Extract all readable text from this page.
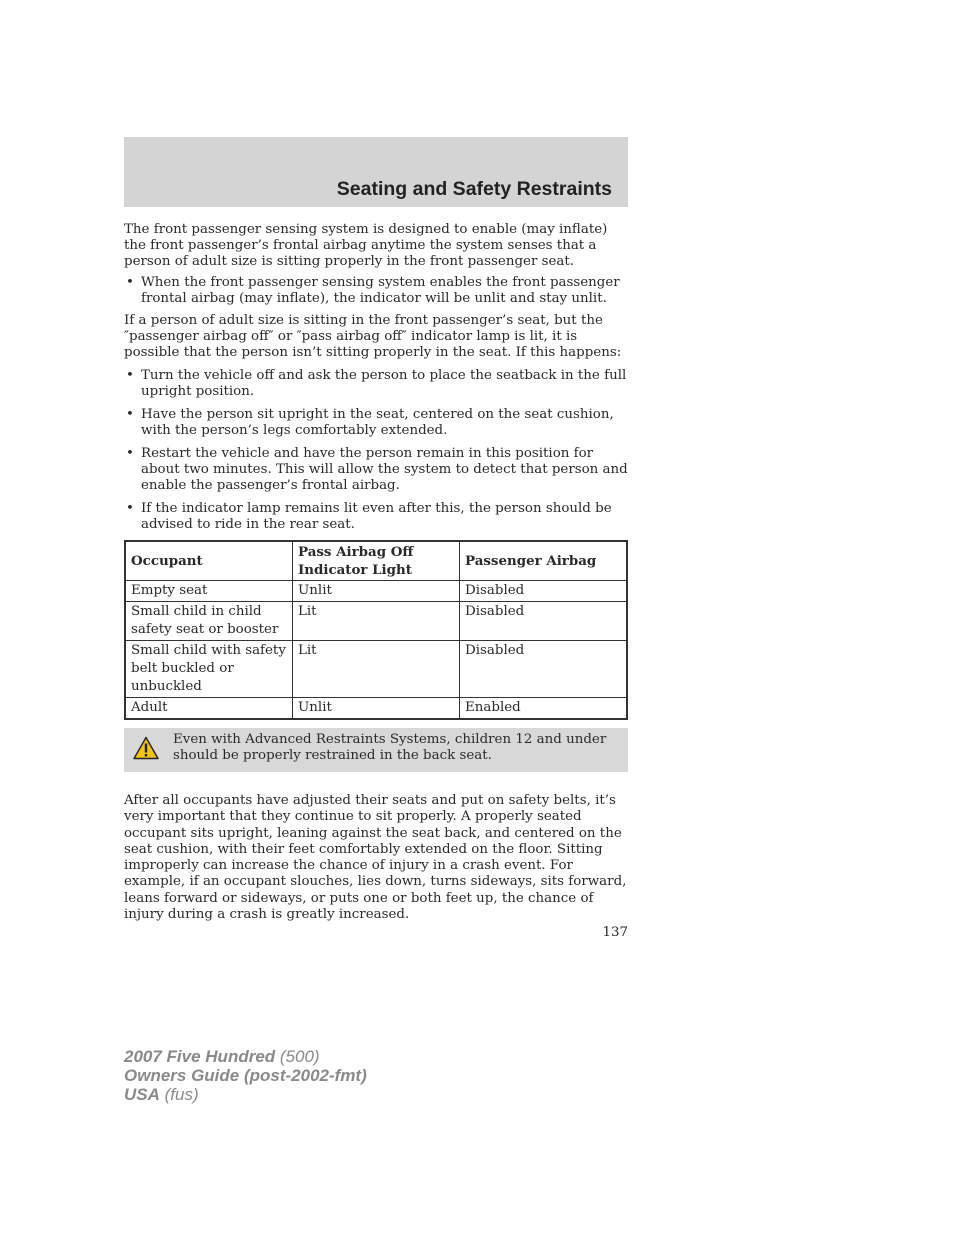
Seating and Safety Restraints

The front passenger sensing system is designed to enable (may inflate) the front passenger’s frontal airbag anytime the system senses that a person of adult size is sitting properly in the front passenger seat.

• When the front passenger sensing system enables the front passenger frontal airbag (may inflate), the indicator will be unlit and stay unlit.

If a person of adult size is sitting in the front passenger’s seat, but the ″passenger airbag off″ or ″pass airbag off″ indicator lamp is lit, it is possible that the person isn’t sitting properly in the seat. If this happens:

• Turn the vehicle off and ask the person to place the seatback in the full upright position.
• Have the person sit upright in the seat, centered on the seat cushion, with the person’s legs comfortably extended.
• Restart the vehicle and have the person remain in this position for about two minutes. This will allow the system to detect that person and enable the passenger’s frontal airbag.
• If the indicator lamp remains lit even after this, the person should be advised to ride in the rear seat.
Occupant	Pass Airbag Off Indicator Light	Passenger Airbag
Empty seat	Unlit	Disabled
Small child in child safety seat or booster	Lit	Disabled
Small child with safety belt buckled or unbuckled	Lit	Disabled
Adult	Unlit	Enabled

Even with Advanced Restraints Systems, children 12 and under should be properly restrained in the back seat.

After all occupants have adjusted their seats and put on safety belts, it’s very important that they continue to sit properly. A properly seated occupant sits upright, leaning against the seat back, and centered on the seat cushion, with their feet comfortably extended on the floor. Sitting improperly can increase the chance of injury in a crash event. For example, if an occupant slouches, lies down, turns sideways, sits forward, leans forward or sideways, or puts one or both feet up, the chance of injury during a crash is greatly increased.

137
2007 Five Hundred (500)
Owners Guide (post-2002-fmt)
USA (fus)
